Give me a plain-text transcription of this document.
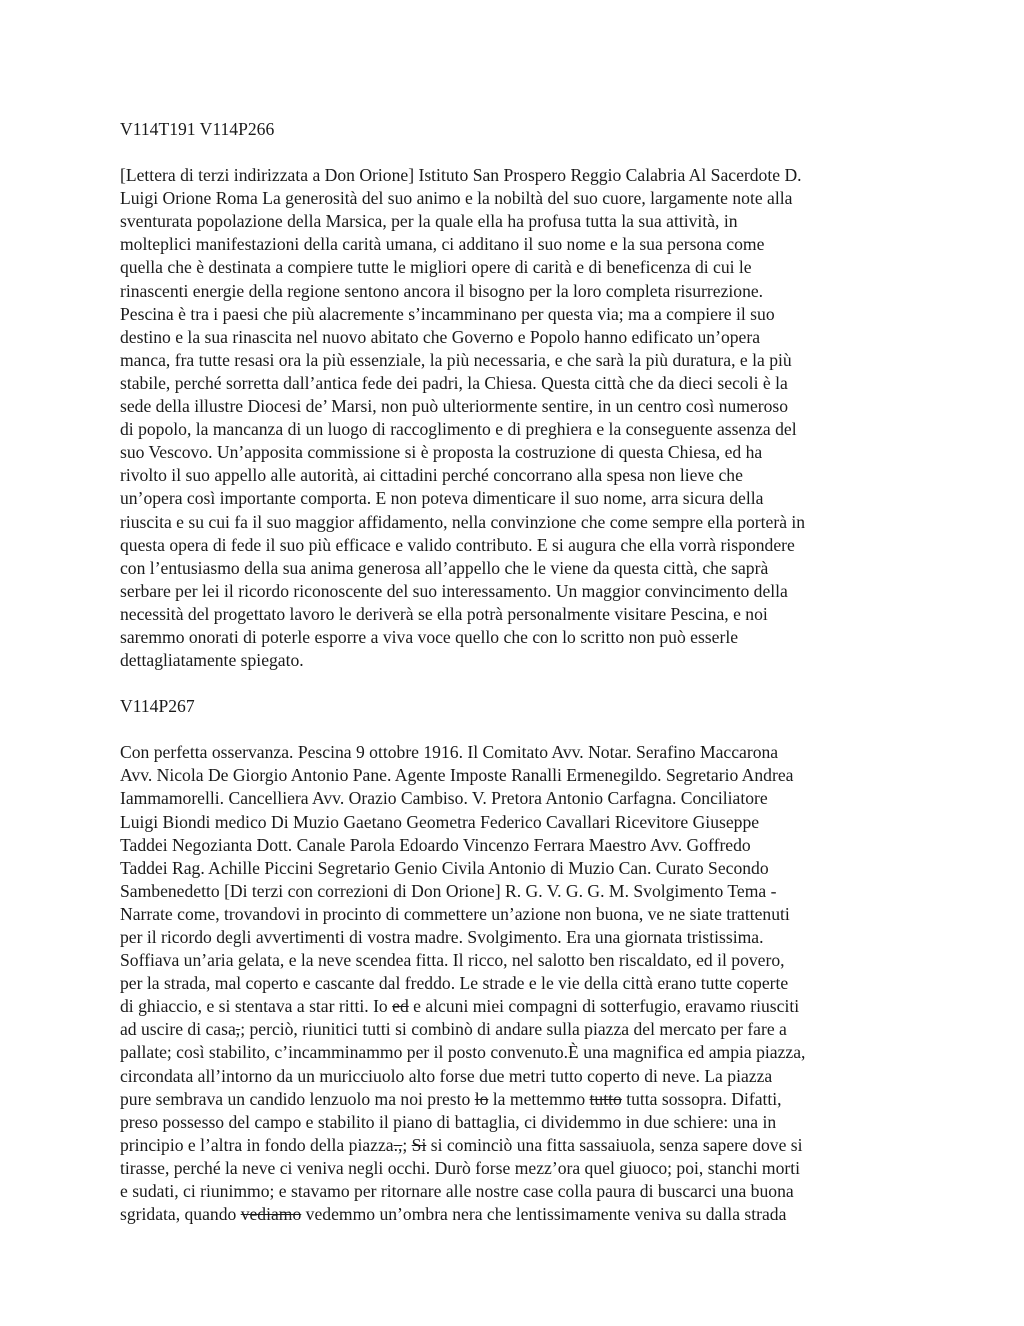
V114T191 V114P266

[Lettera di terzi indirizzata a Don Orione] Istituto San Prospero Reggio Calabria Al Sacerdote D.
Luigi Orione Roma La generosità del suo animo e la nobiltà del suo cuore, largamente note alla
sventurata popolazione della Marsica, per la quale ella ha profusa tutta la sua attività, in
molteplici manifestazioni della carità umana, ci additano il suo nome e la sua persona come
quella che è destinata a compiere tutte le migliori opere di carità e di beneficenza di cui le
rinascenti energie della regione sentono ancora il bisogno per la loro completa risurrezione.
Pescina è tra i paesi che più alacremente s’incamminano per questa via; ma a compiere il suo
destino e la sua rinascita nel nuovo abitato che Governo e Popolo hanno edificato un’opera
manca, fra tutte resasi ora la più essenziale, la più necessaria, e che sarà la più duratura, e la più
stabile, perché sorretta dall’antica fede dei padri, la Chiesa. Questa città che da dieci secoli è la
sede della illustre Diocesi de’ Marsi, non può ulteriormente sentire, in un centro così numeroso
di popolo, la mancanza di un luogo di raccoglimento e di preghiera e la conseguente assenza del
suo Vescovo. Un’apposita commissione si è proposta la costruzione di questa Chiesa, ed ha
rivolto il suo appello alle autorità, ai cittadini perché concorrano alla spesa non lieve che
un’opera così importante comporta. E non poteva dimenticare il suo nome, arra sicura della
riuscita e su cui fa il suo maggior affidamento, nella convinzione che come sempre ella porterà in
questa opera di fede il suo più efficace e valido contributo. E si augura che ella vorrà rispondere
con l’entusiasmo della sua anima generosa all’appello che le viene da questa città, che saprà
serbare per lei il ricordo riconoscente del suo interessamento. Un maggior convincimento della
necessità del progettato lavoro le deriverà se ella potrà personalmente visitare Pescina, e noi
saremmo onorati di poterle esporre a viva voce quello che con lo scritto non può esserle
dettagliatamente spiegato.

V114P267

Con perfetta osservanza. Pescina 9 ottobre 1916. Il Comitato Avv. Notar. Serafino Maccarona
Avv. Nicola De Giorgio Antonio Pane. Agente Imposte Ranalli Ermenegildo. Segretario Andrea
Iammamorelli. Cancelliera Avv. Orazio Cambiso. V. Pretora Antonio Carfagna. Conciliatore
Luigi Biondi medico Di Muzio Gaetano Geometra Federico Cavallari Ricevitore Giuseppe
Taddei Negozianta Dott. Canale Parola Edoardo Vincenzo Ferrara Maestro Avv. Goffredo
Taddei Rag. Achille Piccini Segretario Genio Civila Antonio di Muzio Can. Curato Secondo
Sambenedetto [Di terzi con correzioni di Don Orione] R. G. V. G. G. M. Svolgimento Tema -
Narrate come, trovandovi in procinto di commettere un’azione non buona, ve ne siate trattenuti
per il ricordo degli avvertimenti di vostra madre. Svolgimento. Era una giornata tristissima.
Soffiava un’aria gelata, e la neve scendea fitta. Il ricco, nel salotto ben riscaldato, ed il povero,
per la strada, mal coperto e cascante dal freddo. Le strade e le vie della città erano tutte coperte
di ghiaccio, e si stentava a star ritti. Io ed e alcuni miei compagni di sotterfugio, eravamo riusciti
ad uscire di casa,; perciò, riunitici tutti si combinò di andare sulla piazza del mercato per fare a
pallate; così stabilito, c’incamminammo per il posto convenuto.È una magnifica ed ampia piazza,
circondata all’intorno da un muricciuolo alto forse due metri tutto coperto di neve. La piazza
pure sembrava un candido lenzuolo ma noi presto lo la mettemmo tutto tutta sossopra. Difatti,
preso possesso del campo e stabilito il piano di battaglia, ci dividemmo in due schiere: una in
principio e l’altra in fondo della piazza.,; Si si cominciò una fitta sassaiuola, senza sapere dove si
tirasse, perché la neve ci veniva negli occhi. Durò forse mezz’ora quel giuoco; poi, stanchi morti
e sudati, ci riunimmo; e stavamo per ritornare alle nostre case colla paura di buscarci una buona
sgridata, quando vediamo vedemmo un’ombra nera che lentissimamente veniva su dalla strada
